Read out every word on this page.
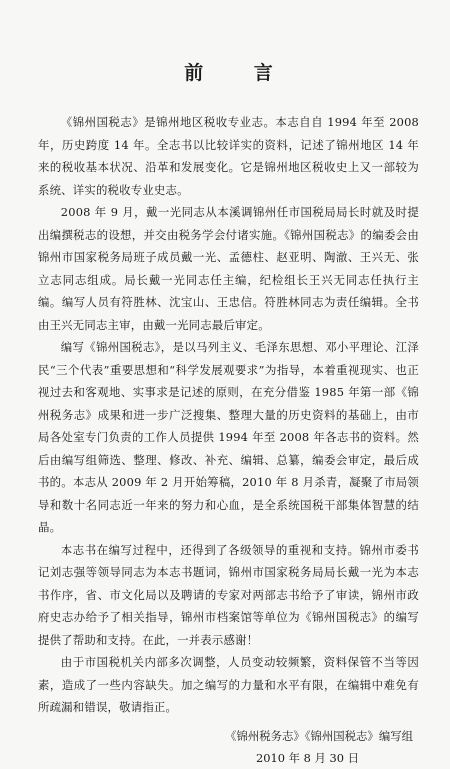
前 言

《锦州国税志》是锦州地区税收专业志。本志自自 1994 年至 2008 年，历史跨度 14 年。全志书以比较详实的资料，记述了锦州地区 14 年来的税收基本状况、沿革和发展变化。它是锦州地区税收史上又一部较为系统、详实的税收专业史志。

2008 年 9 月，戴一光同志从本溪调锦州任市国税局局长时就及时提出编撰税志的设想，并交由税务学会付诸实施。《锦州国税志》的编委会由锦州市国家税务局班子成员戴一光、孟德柱、赵亚明、陶澈、王兴无、张立志同志组成。局长戴一光同志任主编，纪检组长王兴无同志任执行主编。编写人员有符胜林、沈宝山、王忠信。符胜林同志为责任编辑。全书由王兴无同志主审，由戴一光同志最后审定。

编写《锦州国税志》，是以马列主义、毛泽东思想、邓小平理论、江泽民“三个代表”重要思想和“科学发展观要求”为指导，本着重视现实、也正视过去和客观地、实事求是记述的原则，在充分借鉴 1985 年第一部《锦州税务志》成果和进一步广泛搜集、整理大量的历史资料的基础上，由市局各处室专门负责的工作人员提供 1994 年至 2008 年各志书的资料。然后由编写组筛选、整理、修改、补充、编辑、总纂，编委会审定，最后成书的。本志从 2009 年 2 月开始筹稿，2010 年 8 月杀青，凝聚了市局领导和数十名同志近一年来的努力和心血，是全系统国税干部集体智慧的结晶。

本志书在编写过程中，还得到了各级领导的重视和支持。锦州市委书记刘志强等领导同志为本志书题词，锦州市国家税务局局长戴一光为本志书作序，省、市文化局以及聘请的专家对两部志书给予了审读，锦州市政府史志办给予了相关指导，锦州市档案馆等单位为《锦州国税志》的编写提供了帮助和支持。在此，一并表示感谢！

由于市国税机关内部多次调整，人员变动较频繁，资料保管不当等因素，造成了一些内容缺失。加之编写的力量和水平有限，在编辑中难免有所疏漏和错误，敬请指正。

《锦州税务志》《锦州国税志》编写组
2010 年 8 月 30 日
